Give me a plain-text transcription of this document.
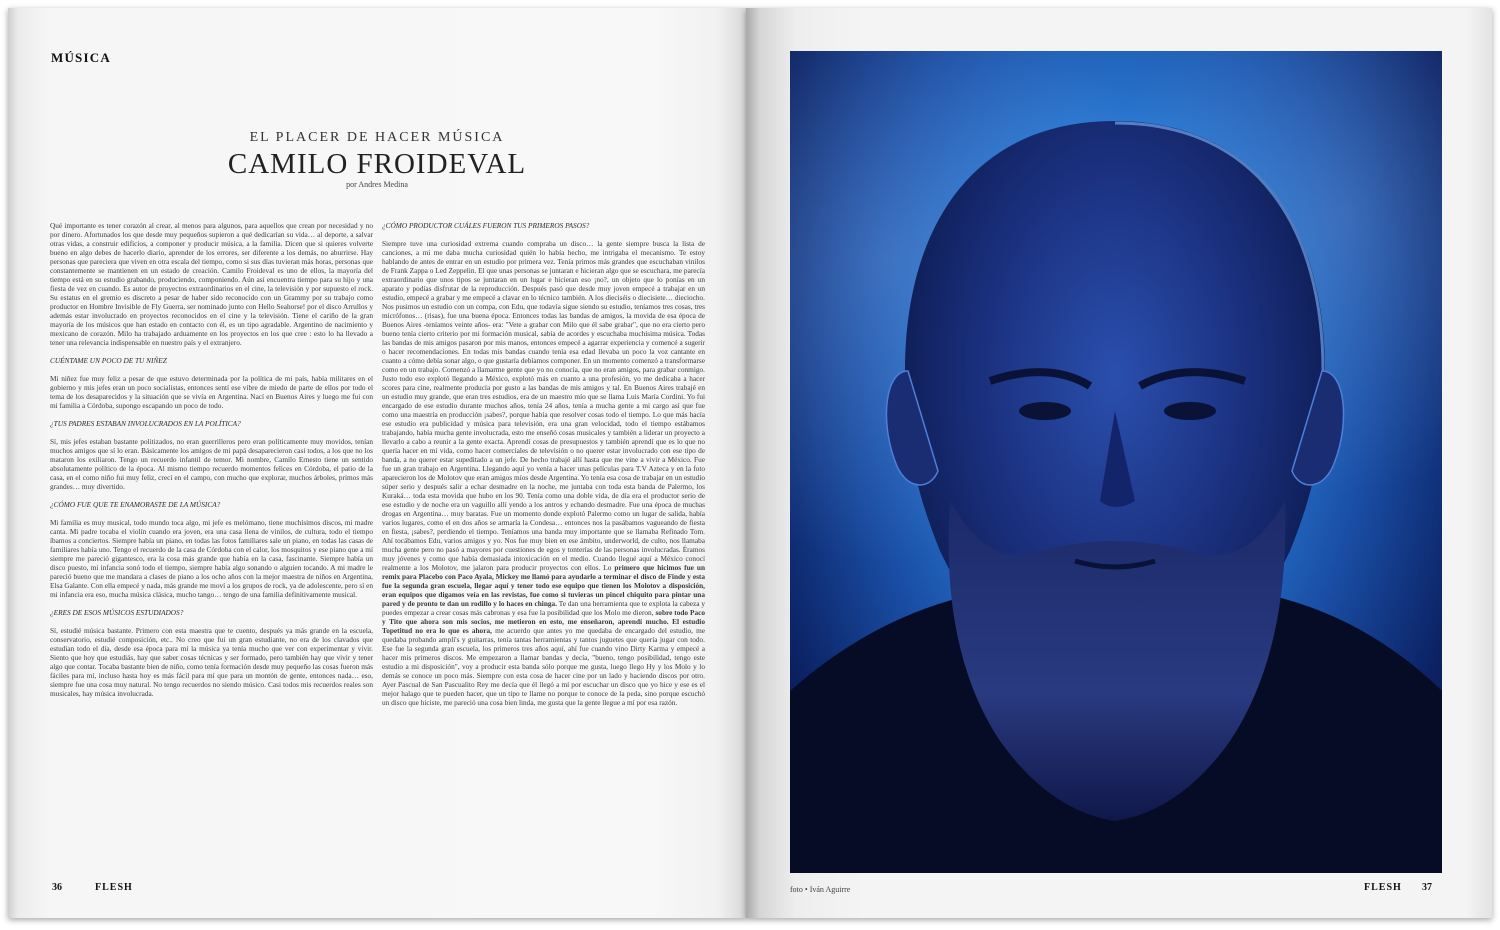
MÚSICA
EL PLACER DE HACER MÚSICA
CAMILO FROIDEVAL
por Andres Medina

Qué importante es tener corazón al crear, al menos para algunos, para aquellos que crean por necesidad y no por dinero. Afortunados los que desde muy pequeños supieron a qué dedicarían su vida… al deporte, a salvar otras vidas, a construir edificios, a componer y producir música, a la familia. Dicen que si quieres volverte bueno en algo debes de hacerlo diario, aprender de los errores, ser diferente a los demás, no aburrirse. Hay personas que pareciera que viven en otra escala del tiempo, como si sus días tuvieran más horas, personas que constantemente se mantienen en un estado de creación. Camilo Froideval es uno de ellos, la mayoría del tiempo está en su estudio grabando, produciendo, componiendo. Aún así encuentra tiempo para su hijo y una fiesta de vez en cuando. Es autor de proyectos extraordinarios en el cine, la televisión y por supuesto el rock. Su estatus en el gremio es discreto a pesar de haber sido reconocido con un Grammy por su trabajo como productor en Hombre Invisible de Fly Guerra, ser nominado junto con Hello Seahorse! por el disco Arrullos y además estar involucrado en proyectos reconocidos en el cine y la televisión. Tiene el cariño de la gran mayoría de los músicos que han estado en contacto con él, es un tipo agradable. Argentino de nacimiento y mexicano de corazón. Milo ha trabajado arduamente en los proyectos en los que cree : esto lo ha llevado a tener una relevancia indispensable en nuestro país y el extranjero.

CUÉNTAME UN POCO DE TU NIÑEZ

Mi niñez fue muy feliz a pesar de que estuvo determinada por la política de mi país, había militares en el gobierno y mis jefes eran un poco socialistas, entonces sentí ese vibre de miedo de parte de ellos por todo el tema de los desaparecidos y la situación que se vivía en Argentina. Nací en Buenos Aires y luego me fui con mi familia a Córdoba, supongo escapando un poco de todo.

¿TUS PADRES ESTABAN INVOLUCRADOS EN LA POLÍTICA?

Sí, mis jefes estaban bastante politizados, no eran guerrilleros pero eran políticamente muy movidos, tenían muchos amigos que sí lo eran. Básicamente los amigos de mi papá desaparecieron casi todos, a los que no los mataron los exiliaron. Tengo un recuerdo infantil de temor. Mi nombre, Camilo Ernesto tiene un sentido absolutamente político de la época. Al mismo tiempo recuerdo momentos felices en Córdoba, el patio de la casa, en el como niño fui muy feliz, crecí en el campo, con mucho que explorar, muchos árboles, primos más grandes… muy divertido.

¿CÓMO FUE QUE TE ENAMORASTE DE LA MÚSICA?

Mi familia es muy musical, todo mundo toca algo, mi jefe es melómano, tiene muchísimos discos, mi madre canta. Mi padre tocaba el violín cuando era joven, era una casa llena de vinilos, de cultura, todo el tiempo íbamos a conciertos. Siempre había un piano, en todas las fotos familiares sale un piano, en todas las casas de familiares había uno. Tengo el recuerdo de la casa de Córdoba con el calor, los mosquitos y ese piano que a mí siempre me pareció gigantesco, era la cosa más grande que había en la casa, fascinante. Siempre había un disco puesto, mi infancia sonó todo el tiempo, siempre había algo sonando o alguien tocando. A mi madre le pareció bueno que me mandara a clases de piano a los ocho años con la mejor maestra de niños en Argentina, Elsa Galante. Con ella empecé y nada, más grande me moví a los grupos de rock, ya de adolescente, pero sí en mi infancia era eso, mucha música clásica, mucho tango… tengo de una familia definitivamente musical.

¿ERES DE ESOS MÚSICOS ESTUDIADOS?

Sí, estudié música bastante. Primero con esta maestra que te cuento, después ya más grande en la escuela, conservatorio, estudié composición, etc.. No creo que fui un gran estudiante, no era de los clavados que estudian todo el día, desde esa época para mí la música ya tenía mucho que ver con experimentar y vivir. Siento que hoy que estudiás, hay que saber cosas técnicas y ser formado, pero también hay que vivir y tener algo que contar. Tocaba bastante bien de niño, como tenía formación desde muy pequeño las cosas fueron más fáciles para mí, incluso hasta hoy es más fácil para mí que para un montón de gente, entonces nada… eso, siempre fue una cosa muy natural. No tengo recuerdos no siendo músico. Casi todos mis recuerdos reales son musicales, hay música involucrada.

¿CÓMO PRODUCTOR CUÁLES FUERON TUS PRIMEROS PASOS?

Siempre tuve una curiosidad extrema cuando compraba un disco… la gente siempre busca la lista de canciones, a mí me daba mucha curiosidad quién lo había hecho, me intrigaba el mecanismo. Te estoy hablando de antes de entrar en un estudio por primera vez. Tenía primos más grandes que escuchaban vinilos de Frank Zappa o Led Zeppelin. El que unas personas se juntaran e hicieran algo que se escuchara, me parecía extraordinario que unos tipos se juntaran en un lugar e hicieran eso ¡no?, un objeto que lo ponías en un aparato y podías disfrutar de la reproducción. Después pasó que desde muy joven empecé a trabajar en un estudio, empecé a grabar y me empecé a clavar en lo técnico también. A los dieciséis o diecisiete… dieciocho. Nos pusimos un estudio con un compa, con Edu, que todavía sigue siendo su estudio, teníamos tres cosas, tres micrófonos… (risas), fue una buena época. Entonces todas las bandas de amigos, la movida de esa época de Buenos Aires -teníamos veinte años- era: "Vete a grabar con Milo que él sabe grabar", que no era cierto pero bueno tenía cierto criterio por mi formación musical, sabía de acordes y escuchaba muchísima música. Todas las bandas de mis amigos pasaron por mis manos, entonces empecé a agarrar experiencia y comencé a sugerir o hacer recomendaciones. En todas mis bandas cuando tenía esa edad llevaba un poco la voz cantante en cuanto a cómo debía sonar algo, o que gustaría debíamos componer. En un momento comenzó a transformarse como en un trabajo. Comenzó a llamarme gente que yo no conocía, que no eran amigos, para grabar conmigo. Justo todo eso explotó llegando a México, explotó más en cuanto a una profesión, yo me dedicaba a hacer scores para cine, realmente producía por gusto a las bandas de mis amigos y tal. En Buenos Aires trabajé en un estudio muy grande, que eran tres estudios, era de un maestro mío que se llama Luis María Cordini. Yo fui encargado de ese estudio durante muchos años, tenía 24 años, tenía a mucha gente a mi cargo así que fue como una maestría en producción ¡sabes?, porque había que resolver cosas todo el tiempo. Lo que más hacía ese estudio era publicidad y música para televisión, era una gran velocidad, todo el tiempo estábamos trabajando, había mucha gente involucrada, esto me enseñó cosas musicales y también a liderar un proyecto a llevarlo a cabo a reunir a la gente exacta. Aprendí cosas de presupuestos y también aprendí que es lo que no quería hacer en mi vida, como hacer comerciales de televisión o no querer estar involucrado con ese tipo de banda, a no querer estar supeditado a un jefe. De hecho trabajé allí hasta que me vine a vivir a México. Fue fue un gran trabajo en Argentina. Llegando aquí yo venía a hacer unas películas para T.V Azteca y en la foto aparecieron los de Molotov que eran amigos míos desde Argentina. Yo tenía esa cosa de trabajar en un estudio súper serio y después salir a echar desmadre en la noche, me juntaba con toda esta banda de Palermo, los Kuraká… toda esta movida que hubo en los 90. Tenía como una doble vida, de día era el productor serio de ese estudio y de noche era un vaguillo allí yendo a los antros y echando desmadre. Fue una época de muchas drogas en Argentina… muy baratas. Fue un momento donde explotó Palermo como un lugar de salida, había varios lugares, como el en dos años se armaría la Condesa… entonces nos la pasábamos vagueando de fiesta en fiesta, ¡sabes?, perdiendo el tiempo. Teníamos una banda muy importante que se llamaba Refinado Tom. Ahí tocábamos Edu, varios amigos y yo. Nos fue muy bien en ese ámbito, underworld, de culto, nos llamaba mucha gente pero no pasó a mayores por cuestiones de egos y tonterías de las personas involucradas. Éramos muy jóvenes y como que había demasiada intoxicación en el medio. Cuando llegué aquí a México conocí realmente a los Molotov, me jalaron para producir proyectos con ellos. Lo primero que hicimos fue un remix para Placebo con Paco Ayala, Mickey me llamó para ayudarlo a terminar el disco de Finde y esta fue la segunda gran escuela, llegar aquí y tener todo ese equipo que tienen los Molotov a disposición, eran equipos que digamos veía en las revistas, fue como si tuvieras un pincel chiquito para pintar una pared y de pronto te dan un rodillo y lo haces en chinga. Te dan una herramienta que te explota la cabeza y puedes empezar a crear cosas más cabronas y esa fue la posibilidad que los Molo me dieron, sobre todo Paco y Tito que ahora son mis socios, me metieron en esto, me enseñaron, aprendí mucho. El estudio Topetitud no era lo que es ahora, me acuerdo que antes yo me quedaba de encargado del estudio, me quedaba probando ampli's y guitarras, tenía tantas herramientas y tantos juguetes que quería jugar con todo. Ese fue la segunda gran escuela, los primeros tres años aquí, ahí fue cuando vino Dirty Karma y empecé a hacer mis primeros discos. Me empezaron a llamar bandas y decía, "bueno, tengo posibilidad, tengo este estudio a mi disposición", voy a producir esta banda sólo porque me gusta, luego llego Hy y los Molo y lo demás se conoce un poco más. Siempre con esta cosa de hacer cine por un lado y haciendo discos por otro. Ayer Pascual de San Pascualito Rey me decía que él llegó a mí por escuchar un disco que yo hice y ese es el mejor halago que te pueden hacer, que un tipo te llame no porque te conoce de la peda, sino porque escuchó un disco que hiciste, me pareció una cosa bien linda, me gusta que la gente llegue a mí por esa razón.

36	FLESH	foto • Iván Aguirre	FLESH 37
